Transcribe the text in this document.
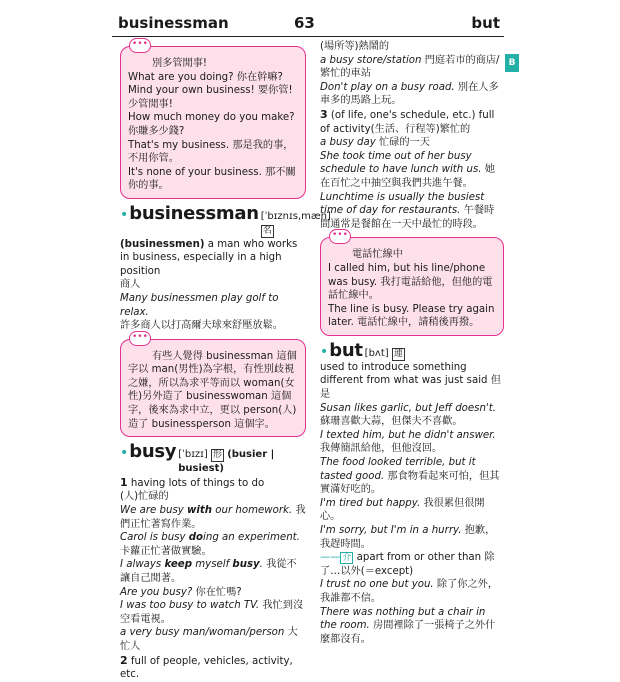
businessman	63	but
B
•••
別多管閒事!
What are you doing? 你在幹嘛?
Mind your own business! 要你管!少管閒事!
How much money do you make? 你賺多少錢?
That's my business. 那是我的事，不用你管。
It's none of your business. 那不關你的事。
• businessman [ˈbɪznɪs,mæn] 名
(businessmen) a man who works in business, especially in a high position
商人
Many businessmen play golf to relax.
許多商人以打高爾夫球來舒壓放鬆。
•••
有些人覺得 businessman 這個字以 man(男性)為字根，有性別歧視之嫌，所以為求平等而以 woman(女性)另外造了 businesswoman 這個字，後來為求中立，更以 person(人)造了 businessperson 這個字。
• busy [ˈbɪzɪ] 形 (busier | busiest)
1 having lots of things to do
(人)忙碌的
We are busy with our homework. 我們正忙著寫作業。
Carol is busy doing an experiment. 卡蘿正忙著做實驗。
I always keep myself busy. 我從不讓自己閒著。
Are you busy? 你在忙嗎?
I was too busy to watch TV. 我忙到沒空看電視。
a very busy man/woman/person 大忙人
2 full of people, vehicles, activity, etc.
(場所等)熱鬧的
a busy store/station 門庭若市的商店/繁忙的車站
Don't play on a busy road. 別在人多車多的馬路上玩。
3 (of life, one's schedule, etc.) full of activity(生活、行程等)繁忙的
a busy day 忙碌的一天
She took time out of her busy schedule to have lunch with us. 她在百忙之中抽空與我們共進午餐。
Lunchtime is usually the busiest time of day for restaurants. 午餐時間通常是餐館在一天中最忙的時段。
•••
電話忙線中
I called him, but his line/phone was busy. 我打電話給他，但他的電話忙線中。
The line is busy. Please try again later. 電話忙線中，請稍後再撥。
• but [bʌt] 連
used to introduce something different from what was just said 但是
Susan likes garlic, but Jeff doesn't. 蘇珊喜歡大蒜，但傑夫不喜歡。
I texted him, but he didn't answer. 我傳簡訊給他，但他沒回。
The food looked terrible, but it tasted good. 那食物看起來可怕，但其實滿好吃的。
I'm tired but happy. 我很累但很開心。
I'm sorry, but I'm in a hurry. 抱歉，我趕時間。
—— 介 apart from or other than 除了…以外(＝except)
I trust no one but you. 除了你之外，我誰都不信。
There was nothing but a chair in the room. 房間裡除了一張椅子之外什麼都沒有。
